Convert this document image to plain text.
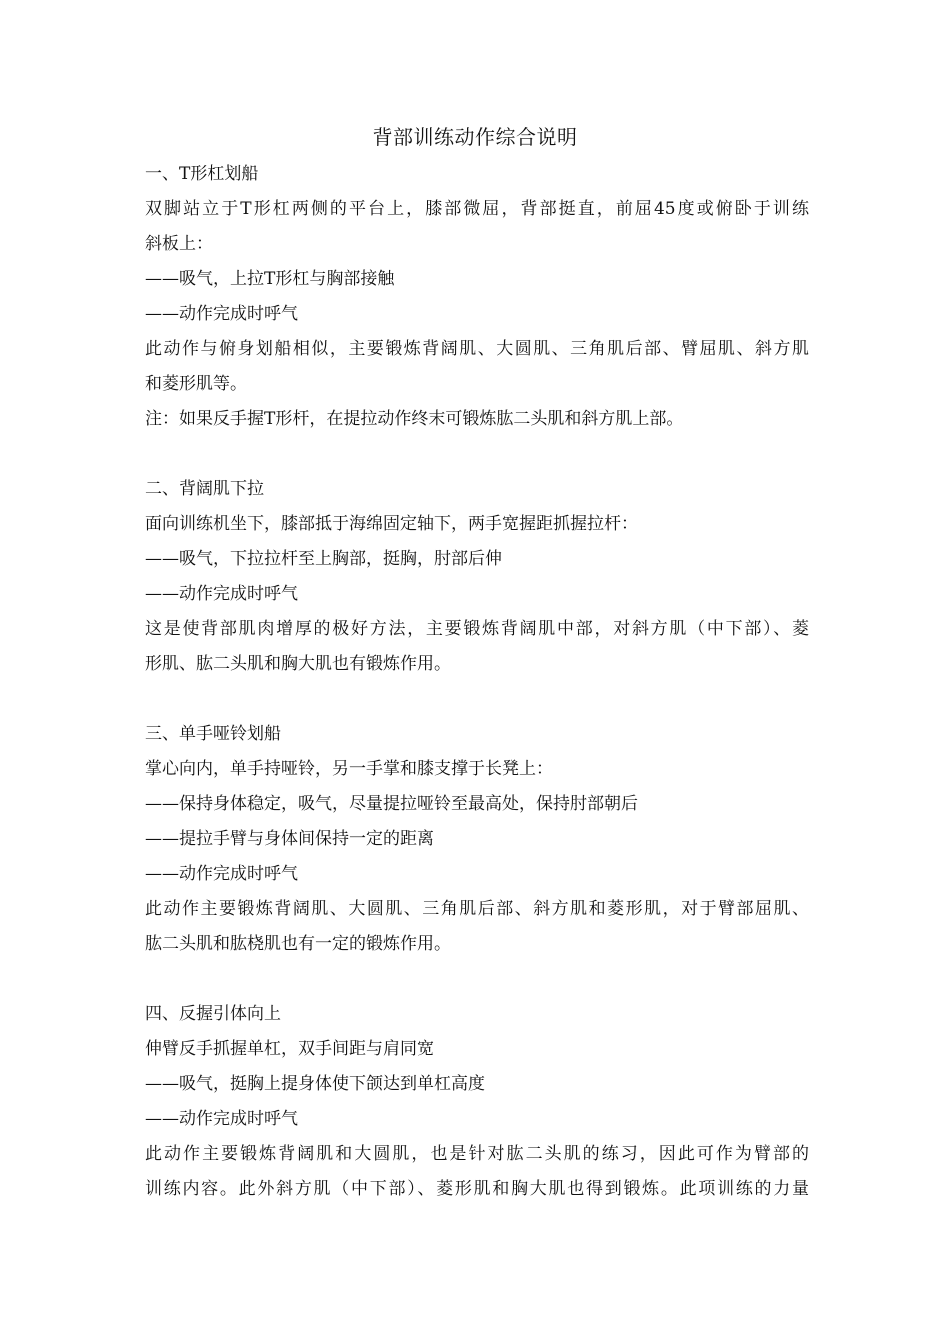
背部训练动作综合说明
一、T形杠划船
双脚站立于T形杠两侧的平台上，膝部微屈，背部挺直，前屈45度或俯卧于训练
斜板上：
——吸气，上拉T形杠与胸部接触
——动作完成时呼气
此动作与俯身划船相似，主要锻炼背阔肌、大圆肌、三角肌后部、臂屈肌、斜方肌
和菱形肌等。
注：如果反手握T形杆，在提拉动作终末可锻炼肱二头肌和斜方肌上部。
二、背阔肌下拉
面向训练机坐下，膝部抵于海绵固定轴下，两手宽握距抓握拉杆：
——吸气，下拉拉杆至上胸部，挺胸，肘部后伸
——动作完成时呼气
这是使背部肌肉增厚的极好方法，主要锻炼背阔肌中部，对斜方肌（中下部）、菱
形肌、肱二头肌和胸大肌也有锻炼作用。
三、单手哑铃划船
掌心向内，单手持哑铃，另一手掌和膝支撑于长凳上：
——保持身体稳定，吸气，尽量提拉哑铃至最高处，保持肘部朝后
——提拉手臂与身体间保持一定的距离
——动作完成时呼气
此动作主要锻炼背阔肌、大圆肌、三角肌后部、斜方肌和菱形肌，对于臂部屈肌、
肱二头肌和肱桡肌也有一定的锻炼作用。
四、反握引体向上
伸臂反手抓握单杠，双手间距与肩同宽
——吸气，挺胸上提身体使下颌达到单杠高度
——动作完成时呼气
此动作主要锻炼背阔肌和大圆肌，也是针对肱二头肌的练习，因此可作为臂部的
训练内容。此外斜方肌（中下部）、菱形肌和胸大肌也得到锻炼。此项训练的力量
